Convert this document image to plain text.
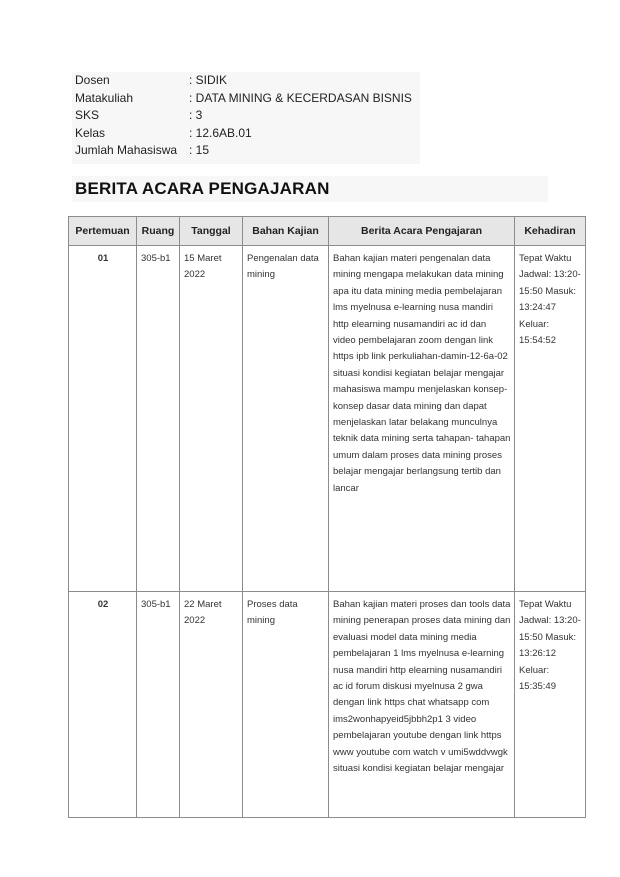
Dosen	: SIDIK
Matakuliah	: DATA MINING & KECERDASAN BISNIS
SKS	: 3
Kelas	: 12.6AB.01
Jumlah Mahasiswa : 15
BERITA ACARA PENGAJARAN
Pertemuan	Ruang	Tanggal	Bahan Kajian	Berita Acara Pengajaran	Kehadiran
01	305-b1	15 Maret 2022	Pengenalan data mining	Bahan kajian materi pengenalan data mining mengapa melakukan data mining apa itu data mining media pembelajaran lms myelnusa e-learning nusa mandiri http elearning nusamandiri ac id dan video pembelajaran zoom dengan link https ipb link perkuliahan-damin-12-6a-02 situasi kondisi kegiatan belajar mengajar mahasiswa mampu menjelaskan konsep-konsep dasar data mining dan dapat menjelaskan latar belakang munculnya teknik data mining serta tahapan- tahapan umum dalam proses data mining proses belajar mengajar berlangsung tertib dan lancar	Tepat Waktu Jadwal: 13:20-15:50 Masuk: 13:24:47 Keluar: 15:54:52
02	305-b1	22 Maret 2022	Proses data mining	Bahan kajian materi proses dan tools data mining penerapan proses data mining dan evaluasi model data mining media pembelajaran 1 lms myelnusa e-learning nusa mandiri http elearning nusamandiri ac id forum diskusi myelnusa 2 gwa dengan link https chat whatsapp com ims2wonhapyeid5jbbh2p1 3 video pembelajaran youtube dengan link https www youtube com watch v umi5wddvwgk situasi kondisi kegiatan belajar mengajar	Tepat Waktu Jadwal: 13:20-15:50 Masuk: 13:26:12 Keluar: 15:35:49
